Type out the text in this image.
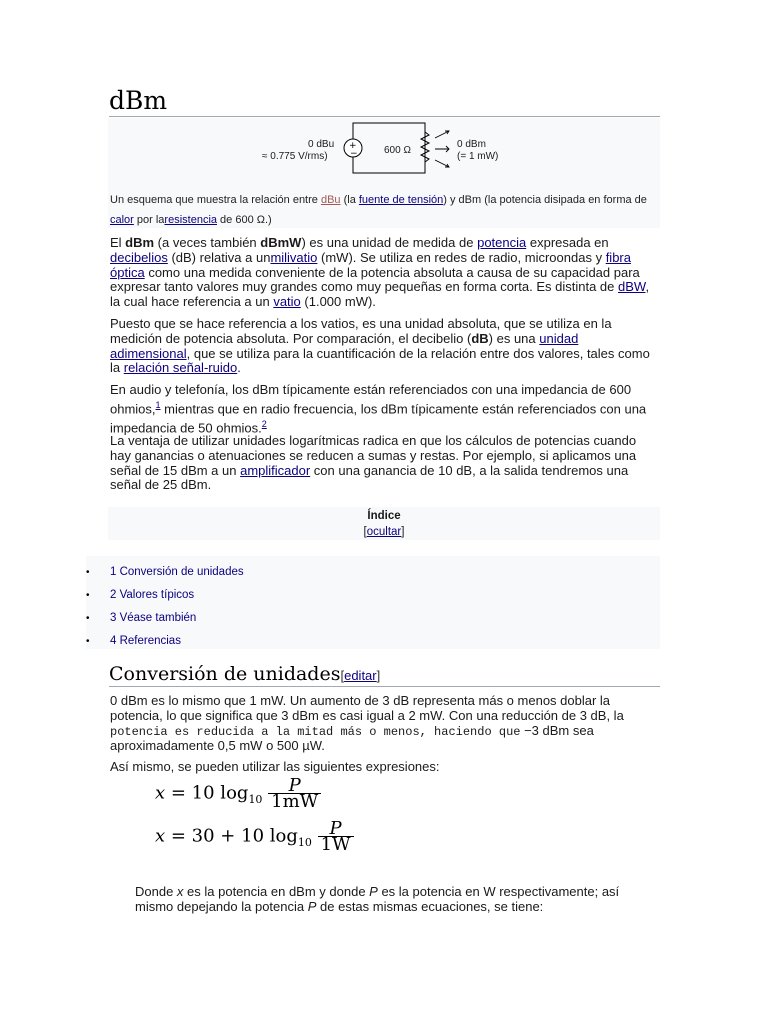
dBm
+
−
0 dBu
≈ 0.775 V/rms)
600 Ω
0 dBm
(= 1 mW)
Un esquema que muestra la relación entre dBu (la fuente de tensión) y dBm (la potencia disipada en forma de calor por laresistencia de 600 Ω.)

El dBm (a veces también dBmW) es una unidad de medida de potencia expresada en decibelios (dB) relativa a unmilivatio (mW). Se utiliza en redes de radio, microondas y fibra óptica como una medida conveniente de la potencia absoluta a causa de su capacidad para expresar tanto valores muy grandes como muy pequeñas en forma corta. Es distinta de dBW, la cual hace referencia a un vatio (1.000 mW).

Puesto que se hace referencia a los vatios, es una unidad absoluta, que se utiliza en la medición de potencia absoluta. Por comparación, el decibelio (dB) es una unidad adimensional, que se utiliza para la cuantificación de la relación entre dos valores, tales como la relación señal-ruido.

En audio y telefonía, los dBm típicamente están referenciados con una impedancia de 600 ohmios,$^1$ mientras que en radio frecuencia, los dBm típicamente están referenciados con una impedancia de 50 ohmios.$^2$

La ventaja de utilizar unidades logarítmicas radica en que los cálculos de potencias cuando hay ganancias o atenuaciones se reducen a sumas y restas. Por ejemplo, si aplicamos una señal de 15 dBm a un amplificador con una ganancia de 10 dB, a la salida tendremos una señal de 25 dBm.

Índice
[ocultar]
• 1 Conversión de unidades
• 2 Valores típicos
• 3 Véase también
• 4 Referencias
Conversión de unidades[editar]

0 dBm es lo mismo que 1 mW. Un aumento de 3 dB representa más o menos doblar la potencia, lo que significa que 3 dBm es casi igual a 2 mW. Con una reducción de 3 dB, la potencia es reducida a la mitad más o menos, haciendo que −3 dBm sea aproximadamente 0,5 mW o 500 µW.

Así mismo, se pueden utilizar las siguientes expresiones:

x = 10 $\log_{10} \frac{P}{1mW}$
x = 30 + 10 $\log_{10} \frac{P}{1W}$

Donde x es la potencia en dBm y donde P es la potencia en W respectivamente; así mismo depejando la potencia P de estas mismas ecuaciones, se tiene:
